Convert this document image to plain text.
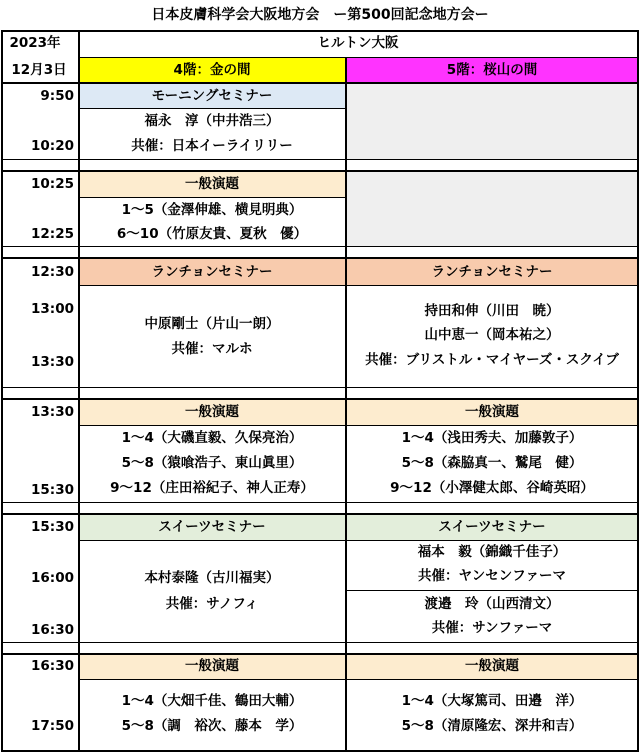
日本皮膚科学会大阪地方会　ー第500回記念地方会ー
2023年
12月3日
ヒルトン大阪
4階：金の間	5階：桜山の間
9:50
10:20
モーニングセミナー
福永　淳（中井浩三）
共催：日本イーライリリー
10:25
12:25
一般演題
1〜5（金澤伸雄、横見明典）
6〜10（竹原友貴、夏秋　優）
12:30
13:00
13:30
ランチョンセミナー
中原剛士（片山一朗）
共催：マルホ
ランチョンセミナー
持田和伸（川田　暁）
山中恵一（岡本祐之）
共催：ブリストル・マイヤーズ・スクイブ
13:30
15:30
一般演題
1〜4（大磯直毅、久保亮治）
5〜8（猿喰浩子、東山眞里）
9〜12（庄田裕紀子、神人正寿）
一般演題
1〜4（浅田秀夫、加藤敦子）
5〜8（森脇真一、鷲尾　健）
9〜12（小澤健太郎、谷崎英昭）
15:30
16:00
16:30
スイーツセミナー
本村泰隆（古川福実）
共催：サノフィ
スイーツセミナー
福本　毅（錦織千佳子）
共催：ヤンセンファーマ
渡邉　玲（山西清文）
共催：サンファーマ
16:30
17:50
一般演題
1〜4（大畑千佳、鶴田大輔）
5〜8（調　裕次、藤本　学）
一般演題
1〜4（大塚篤司、田邉　洋）
5〜8（清原隆宏、深井和吉）
